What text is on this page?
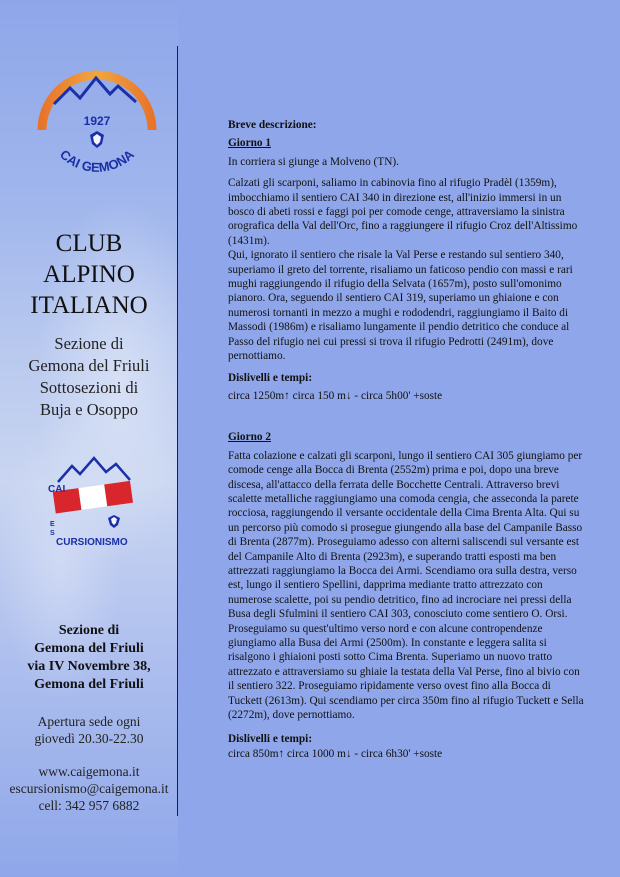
1927
CAI GEMONA
CLUB
ALPINO
ITALIANO
Sezione di
Gemona del Friuli
Sottosezioni di
Buja e Osoppo
CAI
E
S
CURSIONISMO
Sezione di
Gemona del Friuli
via IV Novembre 38,
Gemona del Friuli
Apertura sede ogni
giovedì 20.30-22.30
www.caigemona.it
escursionismo@caigemona.it
cell: 342 957 6882

Breve descrizione:

Giorno 1

In corriera si giunge a Molveno (TN).

Calzati gli scarponi, saliamo in cabinovia fino al rifugio Pradèl (1359m), imbocchiamo il sentiero CAI 340 in direzione est, all'inizio immersi in un bosco di abeti rossi e faggi poi per comode cenge, attraversiamo la sinistra orografica della Val dell'Orc, fino a raggiungere il rifugio Croz dell'Altissimo (1431m).

Qui, ignorato il sentiero che risale la Val Perse e restando sul sentiero 340, superiamo il greto del torrente, risaliamo un faticoso pendio con massi e rari mughi raggiungendo il rifugio della Selvata (1657m), posto sull'omonimo pianoro. Ora, seguendo il sentiero CAI 319, superiamo un ghiaione e con numerosi tornanti in mezzo a mughi e rododendri, raggiungiamo il Baito di Massodi (1986m) e risaliamo lungamente il pendio detritico che conduce al Passo del rifugio nei cui pressi si trova il rifugio Pedrotti (2491m), dove pernottiamo.

Dislivelli e tempi:

circa 1250m↑ circa 150 m↓ - circa 5h00' +soste

Giorno 2

Fatta colazione e calzati gli scarponi, lungo il sentiero CAI 305 giungiamo per comode cenge alla Bocca di Brenta (2552m) prima e poi, dopo una breve discesa, all'attacco della ferrata delle Bocchette Centrali. Attraverso brevi scalette metalliche raggiungiamo una comoda cengia, che asseconda la parete rocciosa, raggiungendo il versante occidentale della Cima Brenta Alta. Qui su un percorso più comodo si prosegue giungendo alla base del Campanile Basso di Brenta (2877m). Proseguiamo adesso con alterni saliscendi sul versante est del Campanile Alto di Brenta (2923m), e superando tratti esposti ma ben attrezzati raggiungiamo la Bocca dei Armi. Scendiamo ora sulla destra, verso est, lungo il sentiero Spellini, dapprima mediante tratto attrezzato con numerose scalette, poi su pendio detritico, fino ad incrociare nei pressi della Busa degli Sfulmini il sentiero CAI 303, conosciuto come sentiero O. Orsi. Proseguiamo su quest'ultimo verso nord e con alcune contropendenze giungiamo alla Busa dei Armi (2500m). In constante e leggera salita si risalgono i ghiaioni posti sotto Cima Brenta. Superiamo un nuovo tratto attrezzato e attraversiamo su ghiaie la testata della Val Perse, fino al bivio con il sentiero 322. Proseguiamo ripidamente verso ovest fino alla Bocca di Tuckett (2613m). Qui scendiamo per circa 350m fino al rifugio Tuckett e Sella (2272m), dove pernottiamo.

Dislivelli e tempi:

circa 850m↑ circa 1000 m↓ - circa 6h30' +soste
